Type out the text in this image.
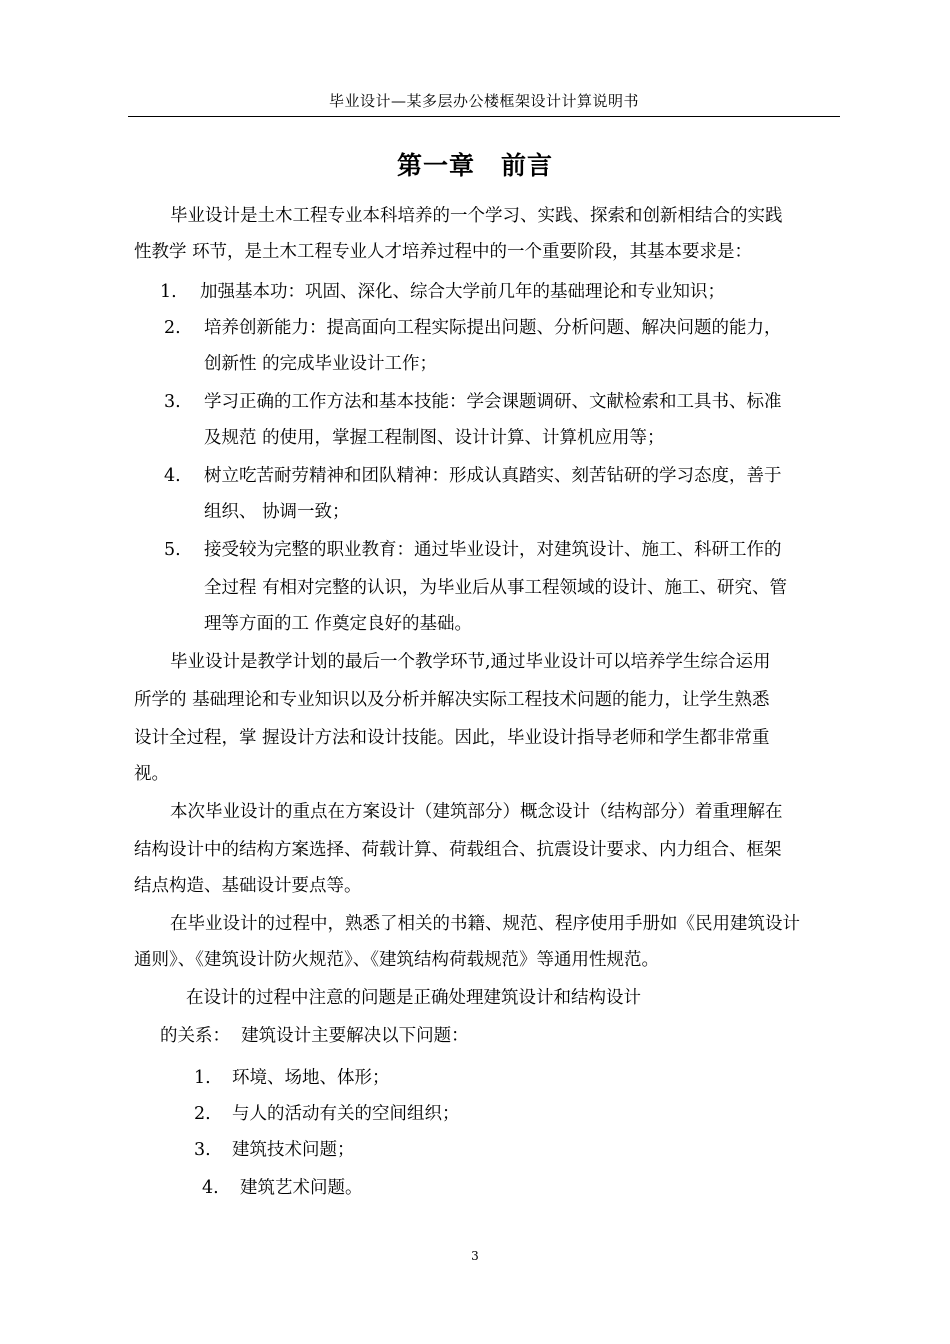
毕业设计—某多层办公楼框架设计计算说明书
第一章　前言
毕业设计是土木工程专业本科培养的一个学习、实践、探索和创新相结合的实践
性教学 环节，是土木工程专业人才培养过程中的一个重要阶段，其基本要求是：
1. 加强基本功：巩固、深化、综合大学前几年的基础理论和专业知识；
2. 培养创新能力：提高面向工程实际提出问题、分析问题、解决问题的能力，
创新性 的完成毕业设计工作；
3. 学习正确的工作方法和基本技能：学会课题调研、文献检索和工具书、标准
及规范 的使用，掌握工程制图、设计计算、计算机应用等；
4. 树立吃苦耐劳精神和团队精神：形成认真踏实、刻苦钻研的学习态度，善于
组织、 协调一致；
5. 接受较为完整的职业教育：通过毕业设计，对建筑设计、施工、科研工作的
全过程 有相对完整的认识，为毕业后从事工程领域的设计、施工、研究、管
理等方面的工 作奠定良好的基础。
毕业设计是教学计划的最后一个教学环节,通过毕业设计可以培养学生综合运用
所学的 基础理论和专业知识以及分析并解决实际工程技术问题的能力，让学生熟悉
设计全过程，掌 握设计方法和设计技能。因此，毕业设计指导老师和学生都非常重
视。
本次毕业设计的重点在方案设计（建筑部分）概念设计（结构部分）着重理解在
结构设计中的结构方案选择、荷载计算、荷载组合、抗震设计要求、内力组合、框架
结点构造、基础设计要点等。
在毕业设计的过程中，熟悉了相关的书籍、规范、程序使用手册如《民用建筑设计
通则》、《建筑设计防火规范》、《建筑结构荷载规范》等通用性规范。
在设计的过程中注意的问题是正确处理建筑设计和结构设计
的关系：  建筑设计主要解决以下问题：
1. 环境、场地、体形；
2. 与人的活动有关的空间组织；
3. 建筑技术问题；
4. 建筑艺术问题。
3
